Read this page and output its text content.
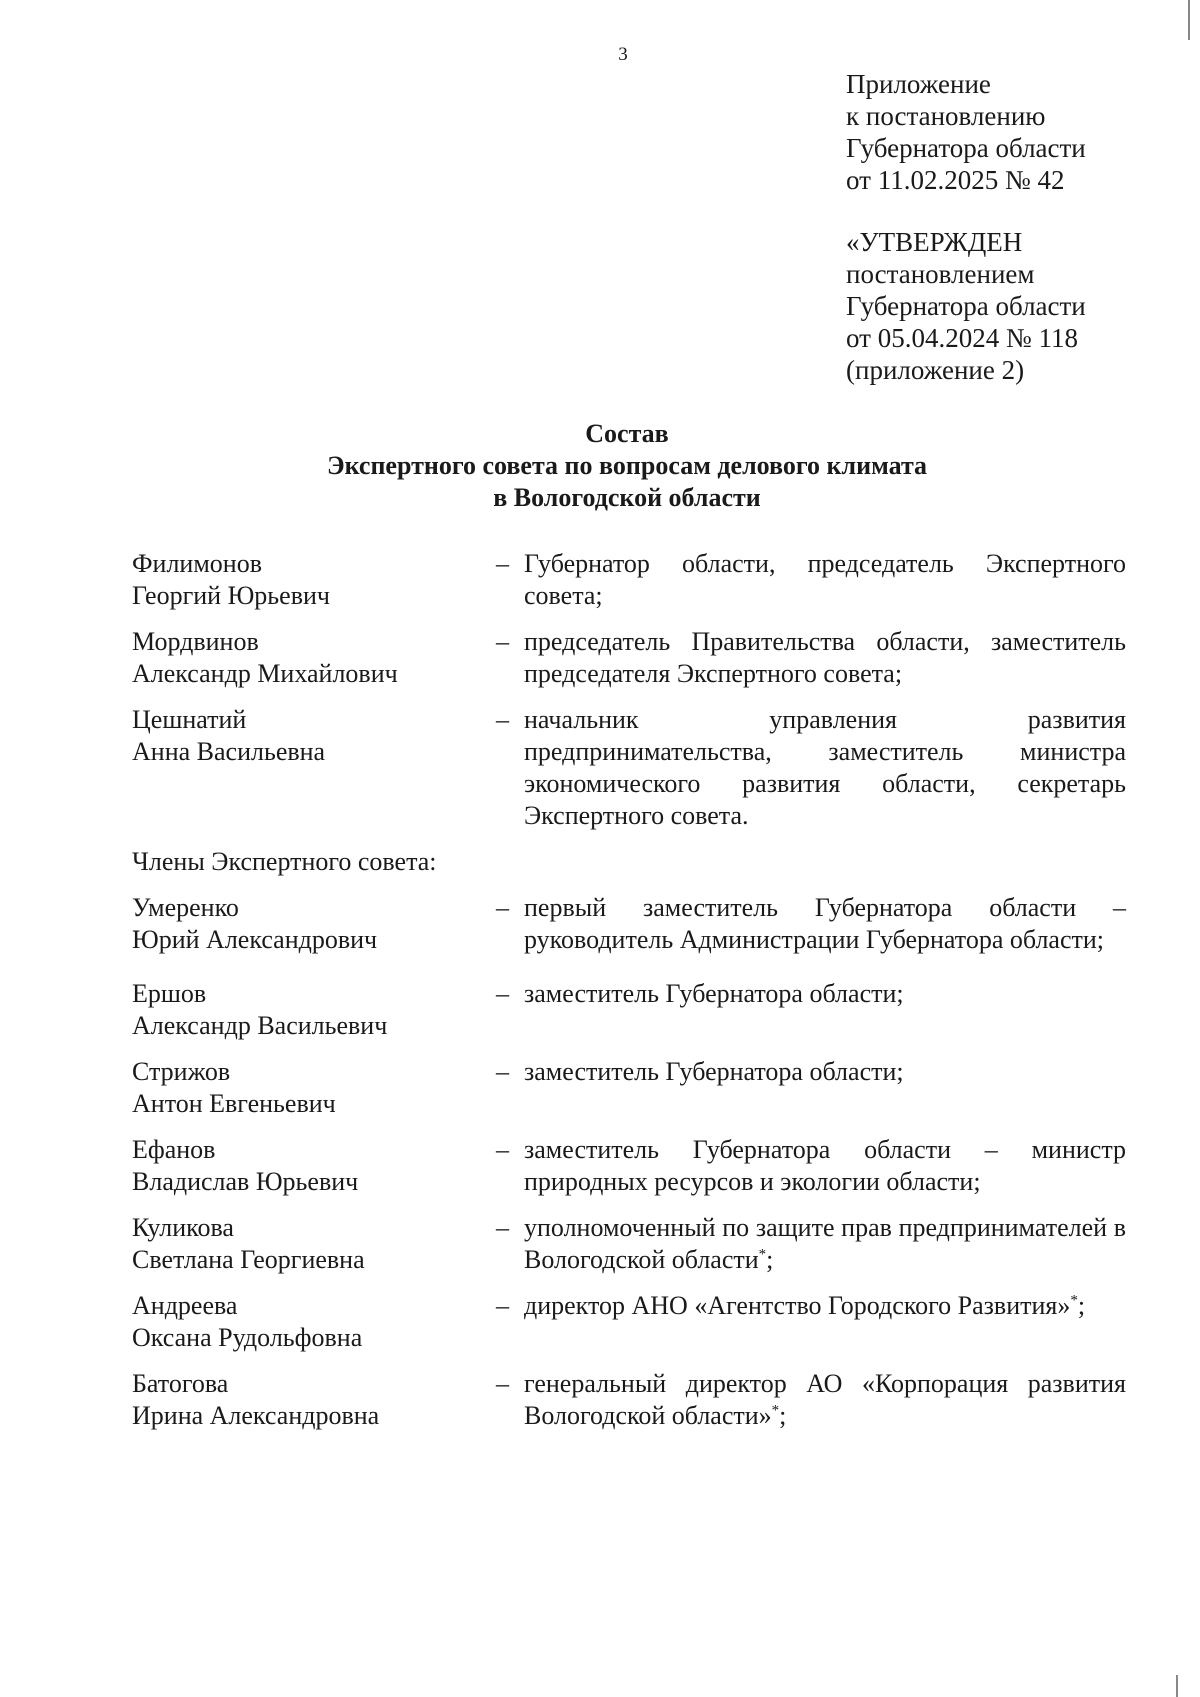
3
Приложение
к постановлению
Губернатора области
от 11.02.2025 № 42
«УТВЕРЖДЕН
постановлением
Губернатора области
от 05.04.2024 № 118
(приложение 2)
Состав
Экспертного совета по вопросам делового климата
в Вологодской области
Филимонов
Георгий Юрьевич
– Губернатор области, председатель Экспертного совета;
Мордвинов
Александр Михайлович
– председатель Правительства области, заместитель председателя Экспертного совета;
Цешнатий
Анна Васильевна
– начальник управления развития предпринимательства, заместитель министра экономического развития области, секретарь Экспертного совета.
Члены Экспертного совета:
Умеренко
Юрий Александрович
– первый заместитель Губернатора области – руководитель Администрации Губернатора области;
Ершов
Александр Васильевич
– заместитель Губернатора области;
Стрижов
Антон Евгеньевич
– заместитель Губернатора области;
Ефанов
Владислав Юрьевич
– заместитель Губернатора области – министр природных ресурсов и экологии области;
Куликова
Светлана Георгиевна
– уполномоченный по защите прав предпринимателей в Вологодской области*;
Андреева
Оксана Рудольфовна
– директор АНО «Агентство Городского Развития»*;
Батогова
Ирина Александровна
– генеральный директор АО «Корпорация развития Вологодской области»*;
